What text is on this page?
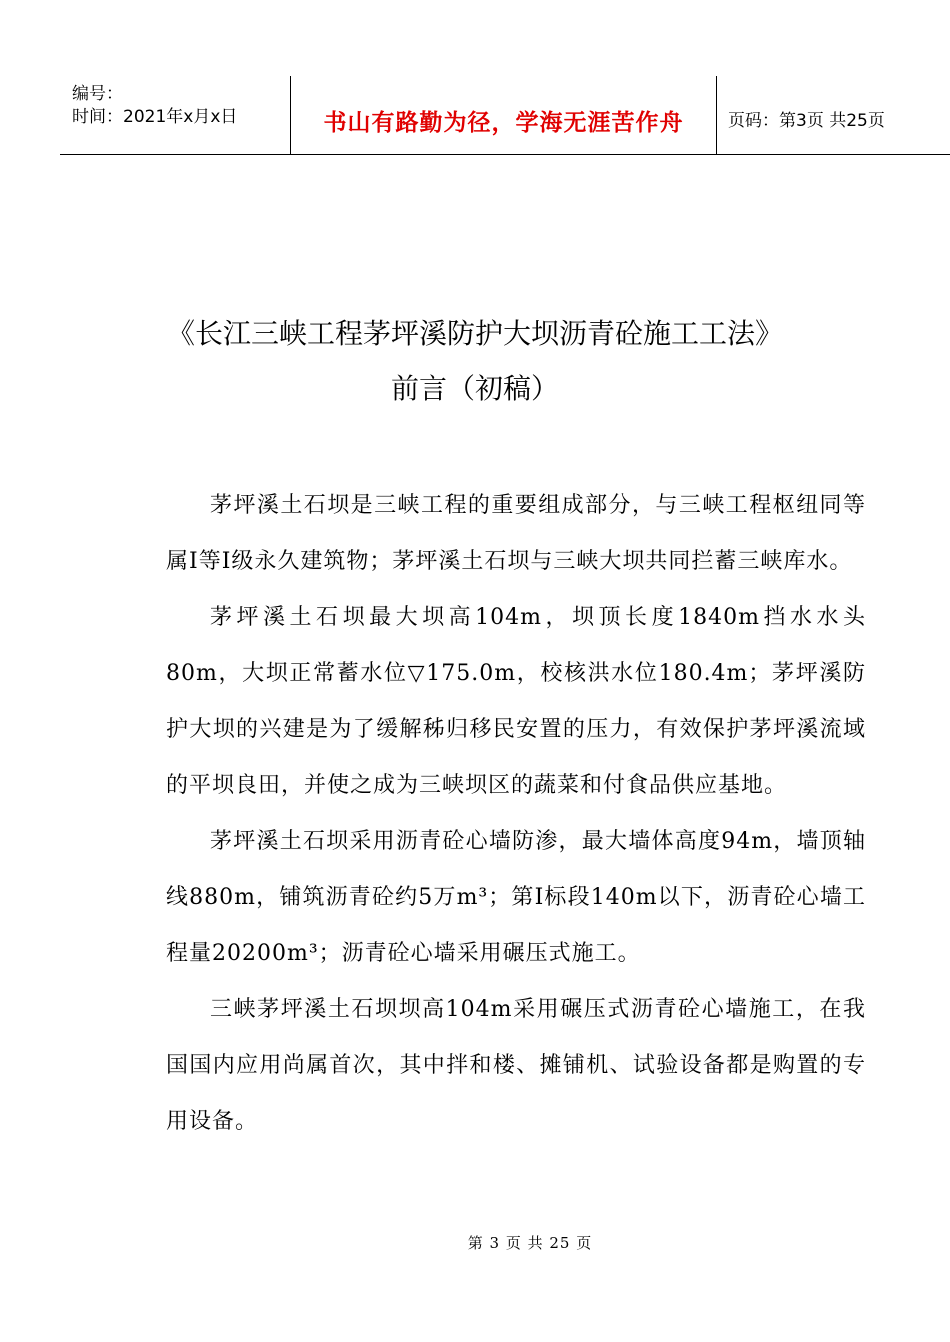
编号：
时间：2021年x月x日	书山有路勤为径，学海无涯苦作舟	页码：第3页 共25页
《长江三峡工程茅坪溪防护大坝沥青砼施工工法》
前言（初稿）

茅坪溪土石坝是三峡工程的重要组成部分，与三峡工程枢纽同等属I等I级永久建筑物；茅坪溪土石坝与三峡大坝共同拦蓄三峡库水。

茅坪溪土石坝最大坝高104m，坝顶长度1840m挡水水头80m，大坝正常蓄水位▽175.0m，校核洪水位180.4m；茅坪溪防护大坝的兴建是为了缓解秭归移民安置的压力，有效保护茅坪溪流域的平坝良田，并使之成为三峡坝区的蔬菜和付食品供应基地。

茅坪溪土石坝采用沥青砼心墙防渗，最大墙体高度94m，墙顶轴线880m，铺筑沥青砼约5万m³；第I标段140m以下，沥青砼心墙工程量20200m³；沥青砼心墙采用碾压式施工。

三峡茅坪溪土石坝坝高104m采用碾压式沥青砼心墙施工，在我国国内应用尚属首次，其中拌和楼、摊铺机、试验设备都是购置的专用设备。

第 3 页 共 25 页
